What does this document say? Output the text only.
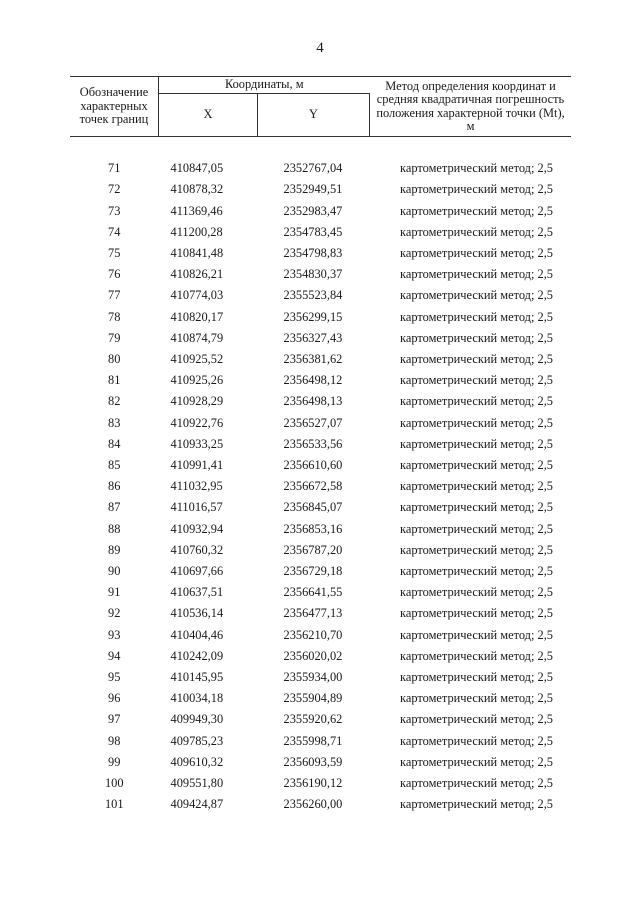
4
Обозначение характерных точек границ	Координаты, м		Метод определения координат и средняя квадратичная погрешность положения характерной точки (Mt), м
	X	Y	

71	410847,05	2352767,04	картометрический метод; 2,5
72	410878,32	2352949,51	картометрический метод; 2,5
73	411369,46	2352983,47	картометрический метод; 2,5
74	411200,28	2354783,45	картометрический метод; 2,5
75	410841,48	2354798,83	картометрический метод; 2,5
76	410826,21	2354830,37	картометрический метод; 2,5
77	410774,03	2355523,84	картометрический метод; 2,5
78	410820,17	2356299,15	картометрический метод; 2,5
79	410874,79	2356327,43	картометрический метод; 2,5
80	410925,52	2356381,62	картометрический метод; 2,5
81	410925,26	2356498,12	картометрический метод; 2,5
82	410928,29	2356498,13	картометрический метод; 2,5
83	410922,76	2356527,07	картометрический метод; 2,5
84	410933,25	2356533,56	картометрический метод; 2,5
85	410991,41	2356610,60	картометрический метод; 2,5
86	411032,95	2356672,58	картометрический метод; 2,5
87	411016,57	2356845,07	картометрический метод; 2,5
88	410932,94	2356853,16	картометрический метод; 2,5
89	410760,32	2356787,20	картометрический метод; 2,5
90	410697,66	2356729,18	картометрический метод; 2,5
91	410637,51	2356641,55	картометрический метод; 2,5
92	410536,14	2356477,13	картометрический метод; 2,5
93	410404,46	2356210,70	картометрический метод; 2,5
94	410242,09	2356020,02	картометрический метод; 2,5
95	410145,95	2355934,00	картометрический метод; 2,5
96	410034,18	2355904,89	картометрический метод; 2,5
97	409949,30	2355920,62	картометрический метод; 2,5
98	409785,23	2355998,71	картометрический метод; 2,5
99	409610,32	2356093,59	картометрический метод; 2,5
100	409551,80	2356190,12	картометрический метод; 2,5
101	409424,87	2356260,00	картометрический метод; 2,5
